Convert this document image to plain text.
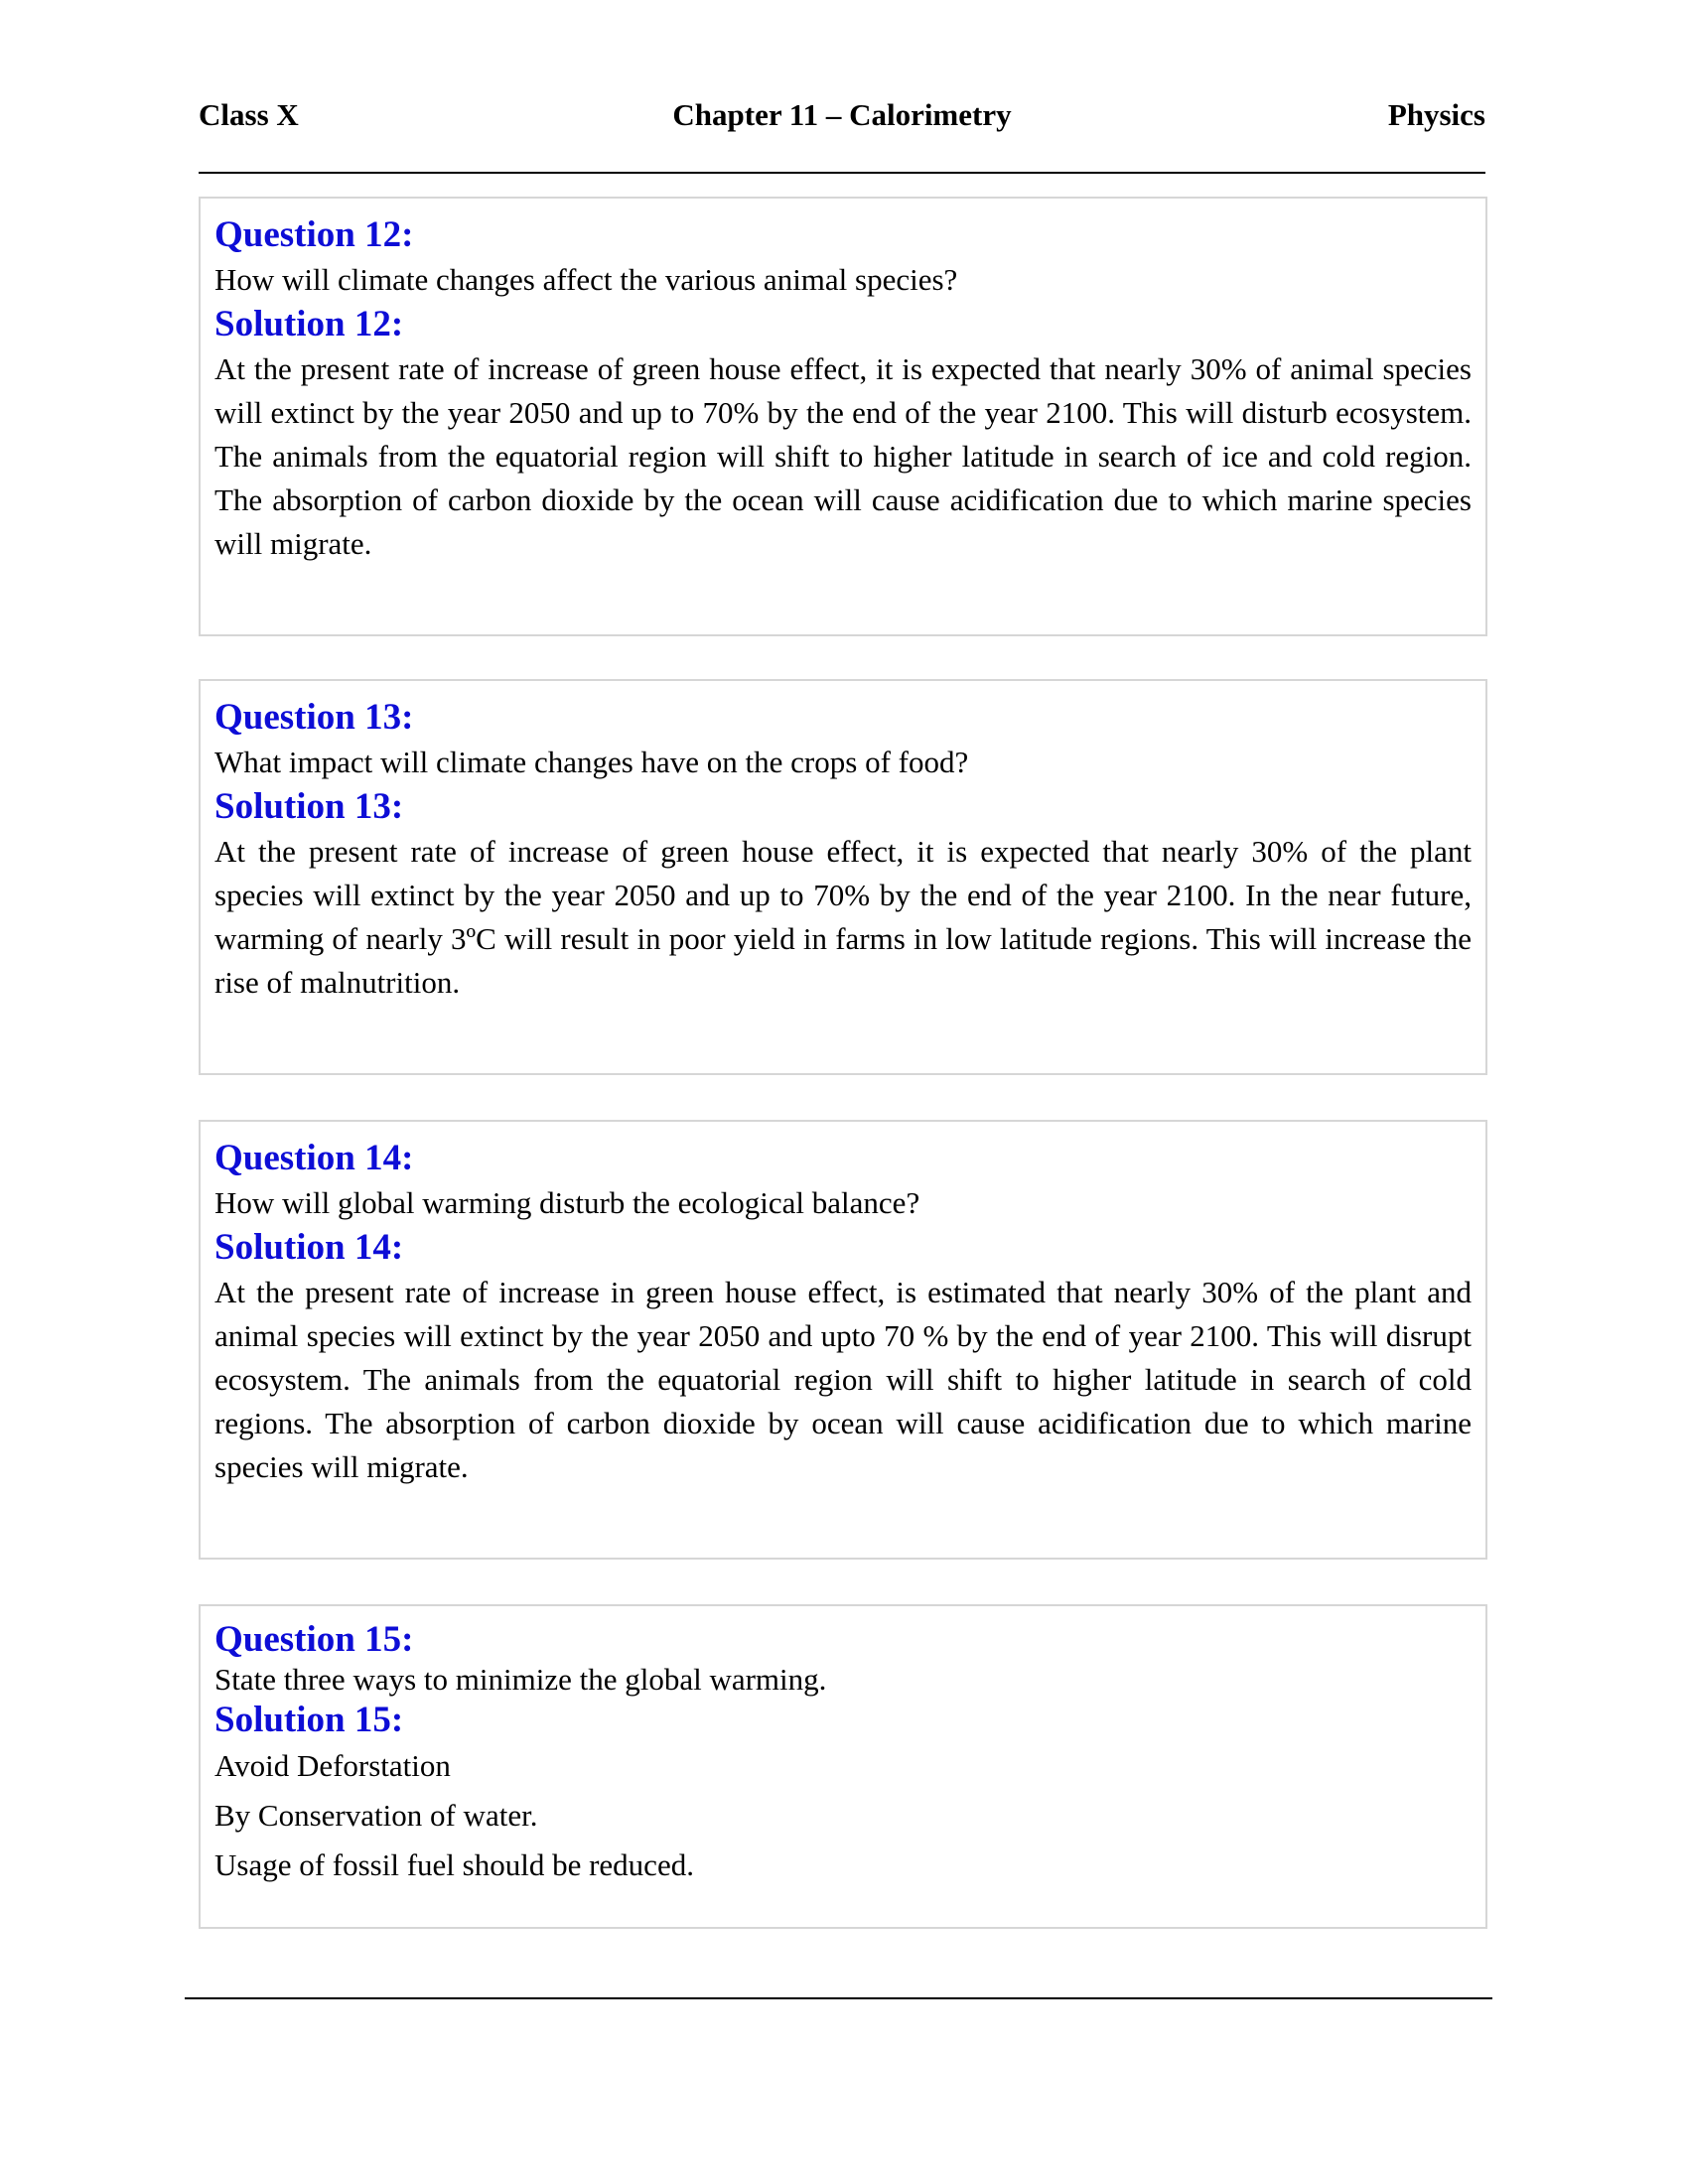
Class X	Chapter 11 – Calorimetry	Physics
Question 12:
How will climate changes affect the various animal species?
Solution 12:
At the present rate of increase of green house effect, it is expected that nearly 30% of animal species will extinct by the year 2050 and up to 70% by the end of the year 2100. This will disturb ecosystem. The animals from the equatorial region will shift to higher latitude in search of ice and cold region. The absorption of carbon dioxide by the ocean will cause acidification due to which marine species will migrate.
Question 13:
What impact will climate changes have on the crops of food?
Solution 13:
At the present rate of increase of green house effect, it is expected that nearly 30% of the plant species will extinct by the year 2050 and up to 70% by the end of the year 2100. In the near future, warming of nearly 3ºC will result in poor yield in farms in low latitude regions. This will increase the rise of malnutrition.
Question 14:
How will global warming disturb the ecological balance?
Solution 14:
At the present rate of increase in green house effect, is estimated that nearly 30% of the plant and animal species will extinct by the year 2050 and upto 70 % by the end of year 2100. This will disrupt ecosystem. The animals from the equatorial region will shift to higher latitude in search of cold regions. The absorption of carbon dioxide by ocean will cause acidification due to which marine species will migrate.
Question 15:
State three ways to minimize the global warming.
Solution 15:
Avoid Deforstation
By Conservation of water.
Usage of fossil fuel should be reduced.
